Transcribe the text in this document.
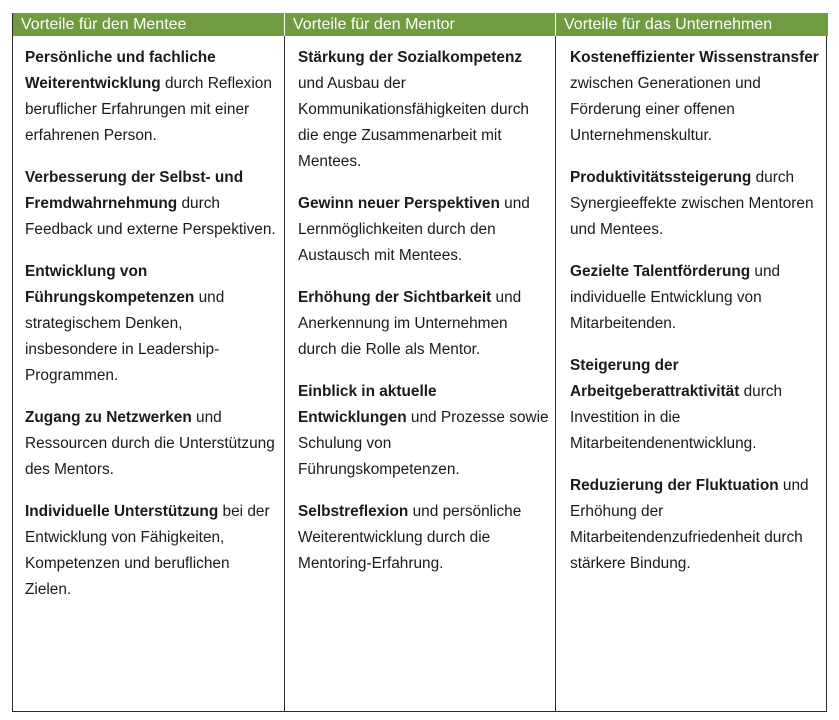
Vorteile für den Mentee	Vorteile für den Mentor	Vorteile für das Unternehmen

Persönliche und fachliche Weiterentwicklung durch Reflexion beruflicher Erfahrungen mit einer erfahrenen Person.

Verbesserung der Selbst- und Fremdwahrnehmung durch Feedback und externe Perspektiven.

Entwicklung von Führungskompetenzen und strategischem Denken, insbesondere in Leadership-Programmen.

Zugang zu Netzwerken und Ressourcen durch die Unterstützung des Mentors.

Individuelle Unterstützung bei der Entwicklung von Fähigkeiten, Kompetenzen und beruflichen Zielen.

Stärkung der Sozialkompetenz und Ausbau der Kommunikationsfähigkeiten durch die enge Zusammenarbeit mit Mentees.

Gewinn neuer Perspektiven und Lernmöglichkeiten durch den Austausch mit Mentees.

Erhöhung der Sichtbarkeit und Anerkennung im Unternehmen durch die Rolle als Mentor.

Einblick in aktuelle Entwicklungen und Prozesse sowie Schulung von Führungskompetenzen.

Selbstreflexion und persönliche Weiterentwicklung durch die Mentoring-Erfahrung.

Kosteneffizienter Wissenstransfer zwischen Generationen und Förderung einer offenen Unternehmenskultur.

Produktivitätssteigerung durch Synergieeffekte zwischen Mentoren und Mentees.

Gezielte Talentförderung und individuelle Entwicklung von Mitarbeitenden.

Steigerung der Arbeitgeberattraktivität durch Investition in die Mitarbeitendenentwicklung.

Reduzierung der Fluktuation und Erhöhung der Mitarbeitendenzufriedenheit durch stärkere Bindung.
